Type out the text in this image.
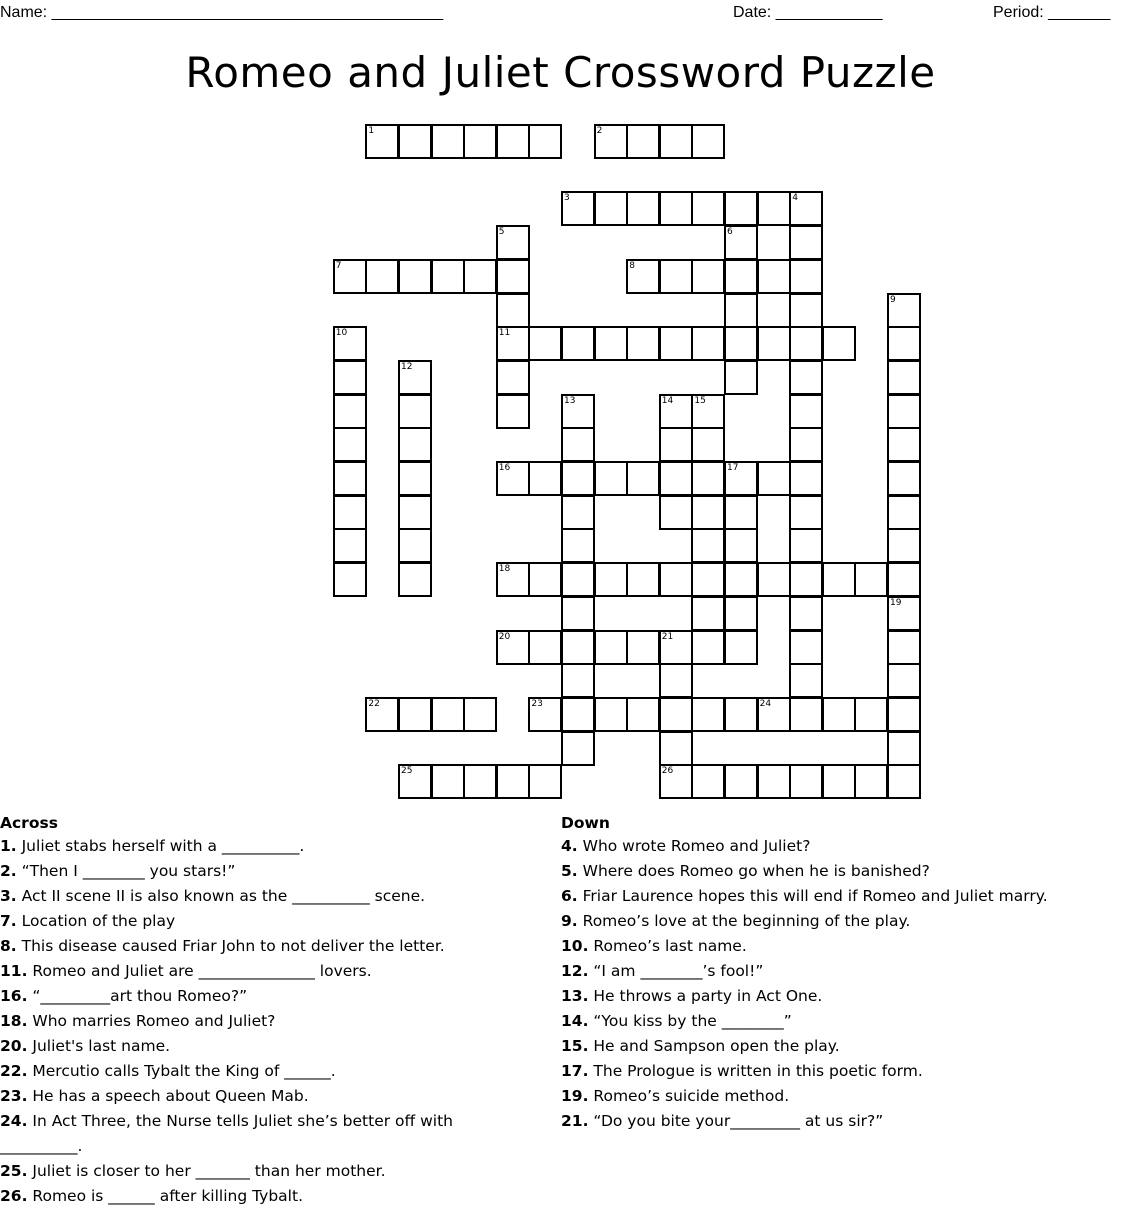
Name: ____________________________________________	Date: ____________	Period: _______
Romeo and Juliet Crossword Puzzle
1	2
3	4
5	6
7	8
9
10	11
12
13	14 15
16	17
18
19
20	21
22	23	24
25	26
Across
1. Juliet stabs herself with a __________.
2. “Then I ________ you stars!”
3. Act II scene II is also known as the __________ scene.
7. Location of the play
8. This disease caused Friar John to not deliver the letter.
11. Romeo and Juliet are _______________ lovers.
16. “_________art thou Romeo?”
18. Who marries Romeo and Juliet?
20. Juliet's last name.
22. Mercutio calls Tybalt the King of ______.
23. He has a speech about Queen Mab.
24. In Act Three, the Nurse tells Juliet she’s better off with
__________.
25. Juliet is closer to her _______ than her mother.
26. Romeo is ______ after killing Tybalt.
Down
4. Who wrote Romeo and Juliet?
5. Where does Romeo go when he is banished?
6. Friar Laurence hopes this will end if Romeo and Juliet marry.
9. Romeo’s love at the beginning of the play.
10. Romeo’s last name.
12. “I am ________’s fool!”
13. He throws a party in Act One.
14. “You kiss by the ________”
15. He and Sampson open the play.
17. The Prologue is written in this poetic form.
19. Romeo’s suicide method.
21. “Do you bite your_________ at us sir?”
